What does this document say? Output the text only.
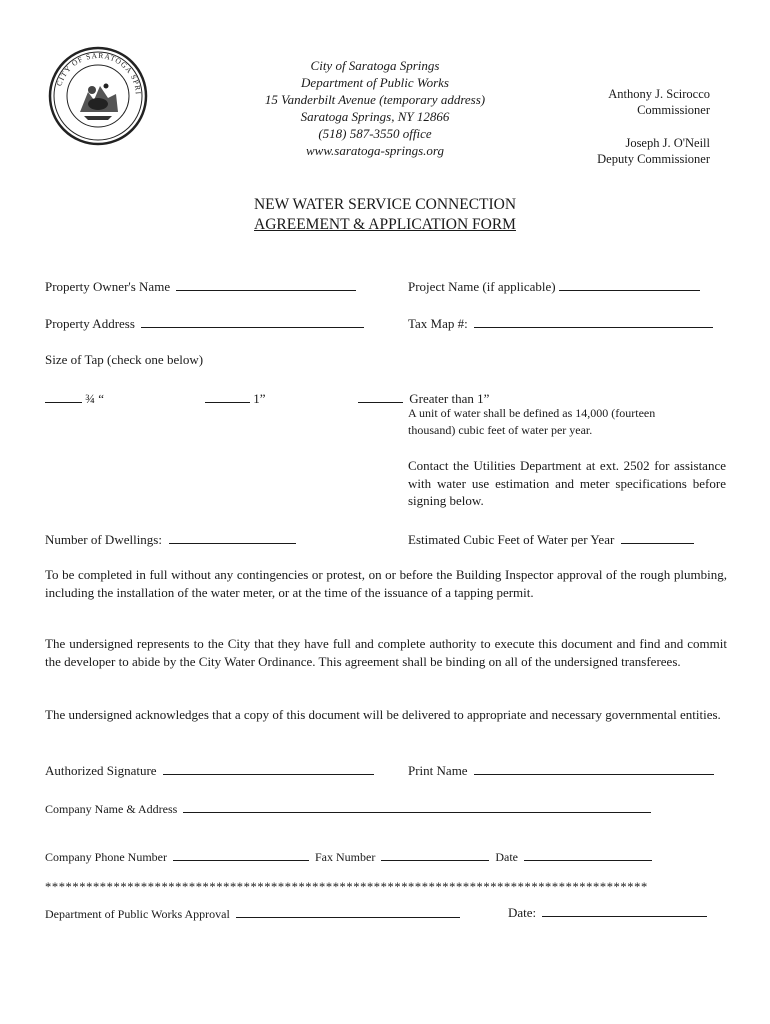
CITY OF SARATOGA SPRI
City of Saratoga Springs
Department of Public Works
15 Vanderbilt Avenue (temporary address)
Saratoga Springs, NY 12866
(518) 587-3550 office
www.saratoga-springs.org
Anthony J. Scirocco
Commissioner
Joseph J. O'Neill
Deputy Commissioner
NEW WATER SERVICE CONNECTION
AGREEMENT & APPLICATION FORM
Property Owner's Name	Project Name (if applicable)
Property Address	Tax Map #:
Size of Tap (check one below)
¾ “	1”	Greater than 1”
A unit of water shall be defined as 14,000 (fourteen
thousand) cubic feet of water per year.
Contact the Utilities Department at ext. 2502 for assistance with water use estimation and meter specifications before signing below.
Number of Dwellings:	Estimated Cubic Feet of Water per Year
To be completed in full without any contingencies or protest, on or before the Building Inspector approval of the rough plumbing, including the installation of the water meter, or at the time of the issuance of a tapping permit.
The undersigned represents to the City that they have full and complete authority to execute this document and find and commit the developer to abide by the City Water Ordinance. This agreement shall be binding on all of the undersigned transferees.
The undersigned acknowledges that a copy of this document will be delivered to appropriate and necessary governmental entities.
Authorized Signature	Print Name
Company Name & Address
Company Phone Number	Fax Number	Date
****************************************************************************************
Department of Public Works Approval	Date:
